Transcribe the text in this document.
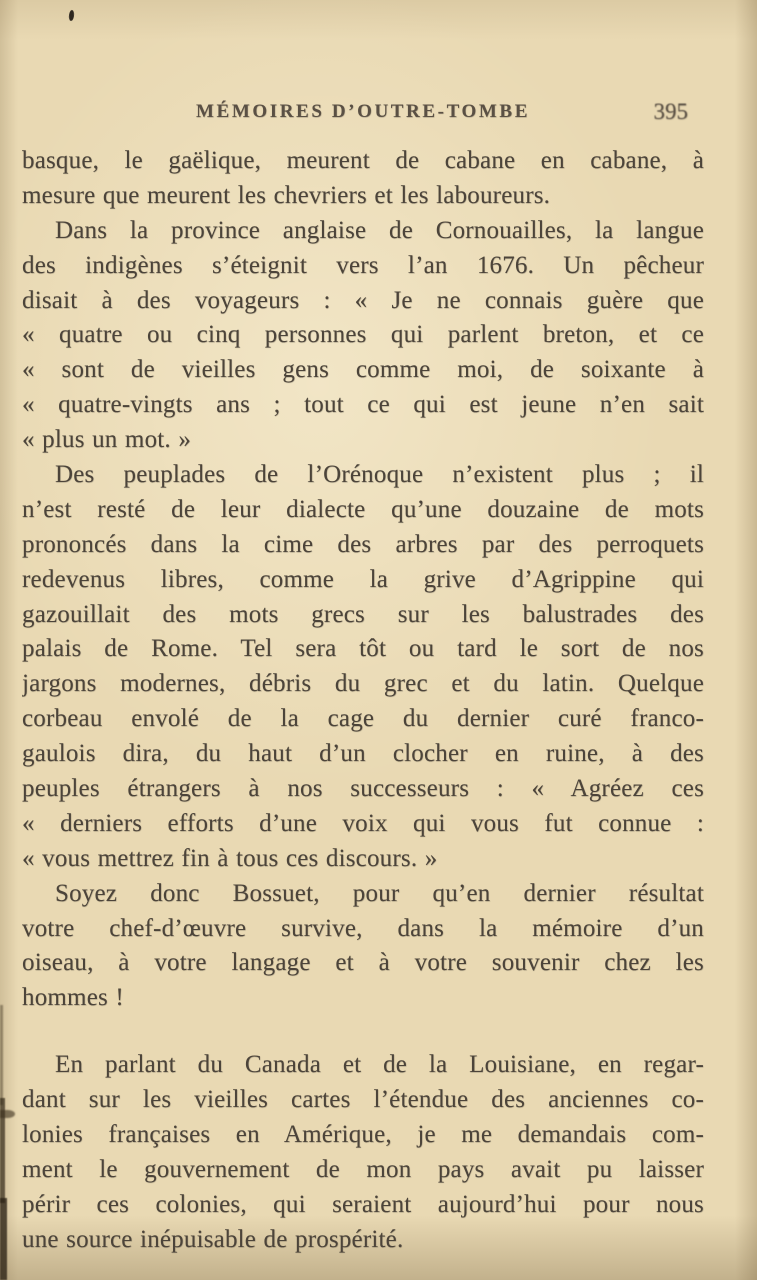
MÉMOIRES D’OUTRE-TOMBE	395
basque, le gaëlique, meurent de cabane en cabane, à
mesure que meurent les chevriers et les laboureurs.
Dans la province anglaise de Cornouailles, la langue
des indigènes s’éteignit vers l’an 1676. Un pêcheur
disait à des voyageurs : « Je ne connais guère que
« quatre ou cinq personnes qui parlent breton, et ce
« sont de vieilles gens comme moi, de soixante à
« quatre-vingts ans ; tout ce qui est jeune n’en sait
« plus un mot. »
Des peuplades de l’Orénoque n’existent plus ; il
n’est resté de leur dialecte qu’une douzaine de mots
prononcés dans la cime des arbres par des perroquets
redevenus libres, comme la grive d’Agrippine qui
gazouillait des mots grecs sur les balustrades des
palais de Rome. Tel sera tôt ou tard le sort de nos
jargons modernes, débris du grec et du latin. Quelque
corbeau envolé de la cage du dernier curé franco-
gaulois dira, du haut d’un clocher en ruine, à des
peuples étrangers à nos successeurs : « Agréez ces
« derniers efforts d’une voix qui vous fut connue :
« vous mettrez fin à tous ces discours. »
Soyez donc Bossuet, pour qu’en dernier résultat
votre chef-d’œuvre survive, dans la mémoire d’un
oiseau, à votre langage et à votre souvenir chez les
hommes !
En parlant du Canada et de la Louisiane, en regar-
dant sur les vieilles cartes l’étendue des anciennes co-
lonies françaises en Amérique, je me demandais com-
ment le gouvernement de mon pays avait pu laisser
périr ces colonies, qui seraient aujourd’hui pour nous
une source inépuisable de prospérité.
